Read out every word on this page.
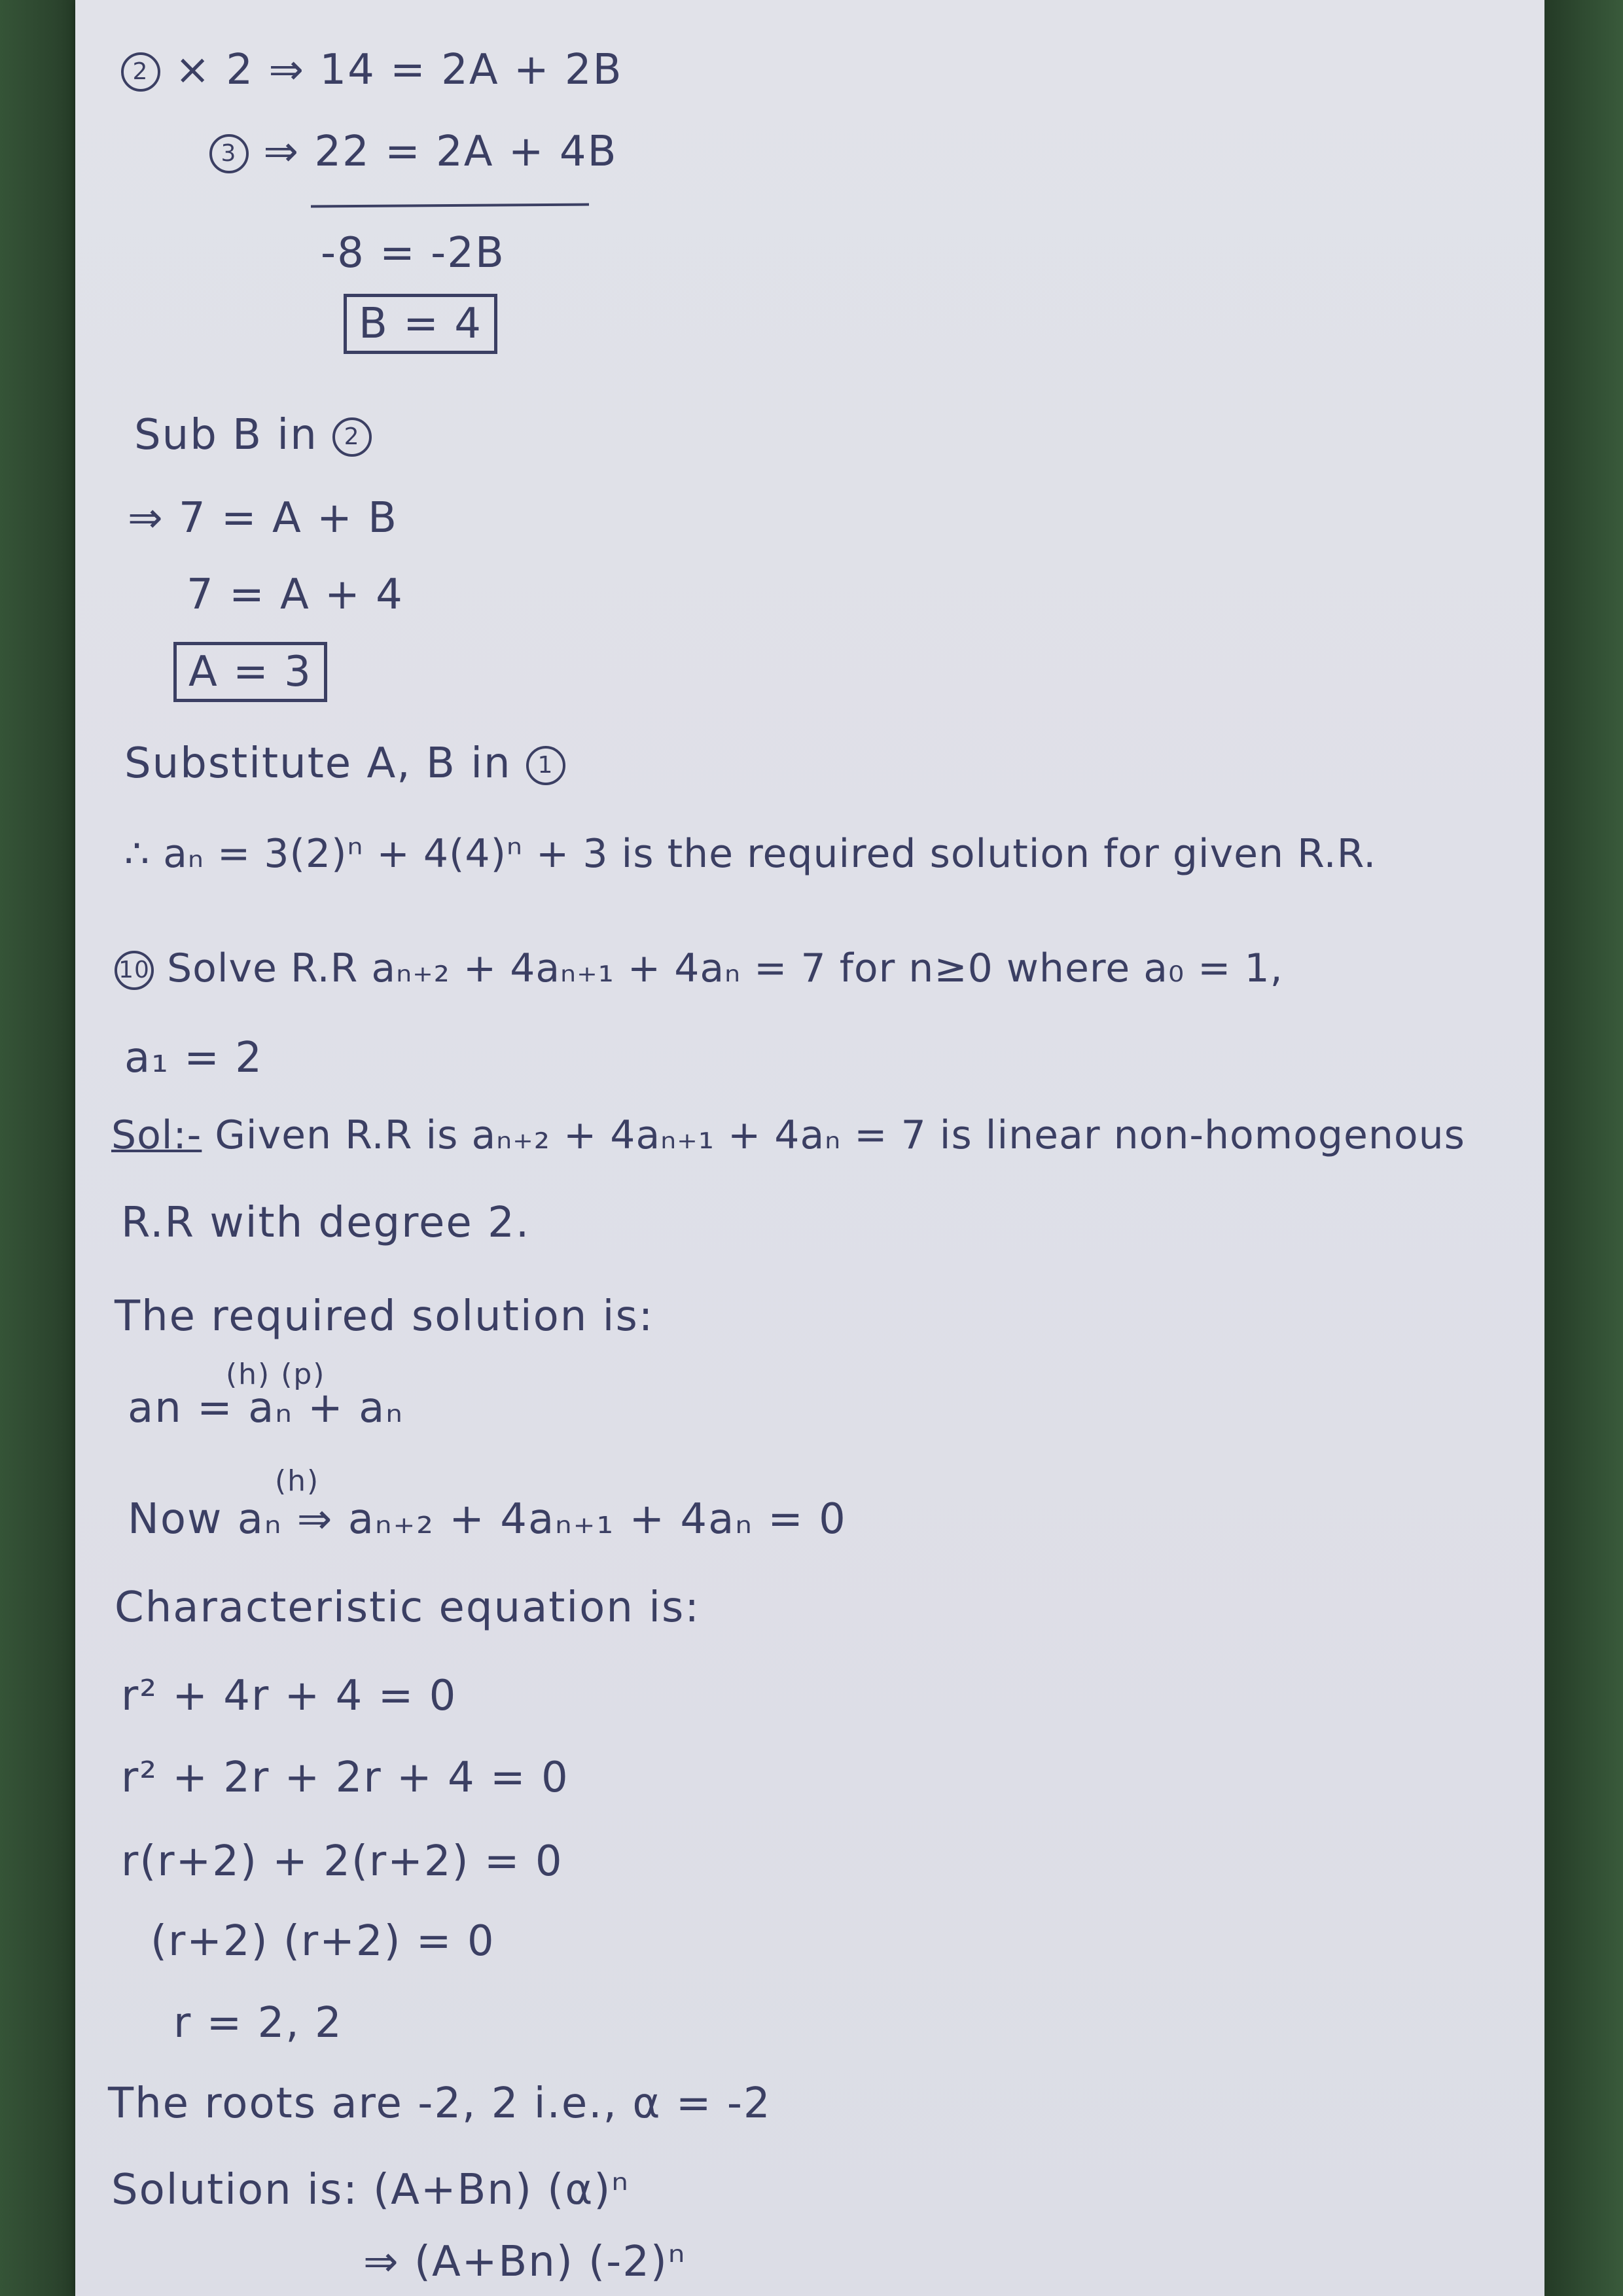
2 × 2 ⇒ 14 = 2A + 2B
3 ⇒ 22 = 2A + 4B
-8 = -2B
B = 4
Sub B in 2
⇒ 7 = A + B
7 = A + 4
A = 3
Substitute A, B in 1
∴ aₙ = 3(2)ⁿ + 4(4)ⁿ + 3 is the required solution for given R.R.
10 Solve R.R aₙ₊₂ + 4aₙ₊₁ + 4aₙ = 7 for n≥0 where a₀ = 1,
a₁ = 2
Sol:- Given R.R is aₙ₊₂ + 4aₙ₊₁ + 4aₙ = 7 is linear non-homogenous
R.R with degree 2.
The required solution is:
(h) (p)
an = aₙ + aₙ
(h)
Now aₙ ⇒ aₙ₊₂ + 4aₙ₊₁ + 4aₙ = 0
Characteristic equation is:
r² + 4r + 4 = 0
r² + 2r + 2r + 4 = 0
r(r+2) + 2(r+2) = 0
(r+2) (r+2) = 0
r = 2, 2
The roots are -2, 2 i.e., α = -2
Solution is: (A+Bn) (α)ⁿ
⇒ (A+Bn) (-2)ⁿ
